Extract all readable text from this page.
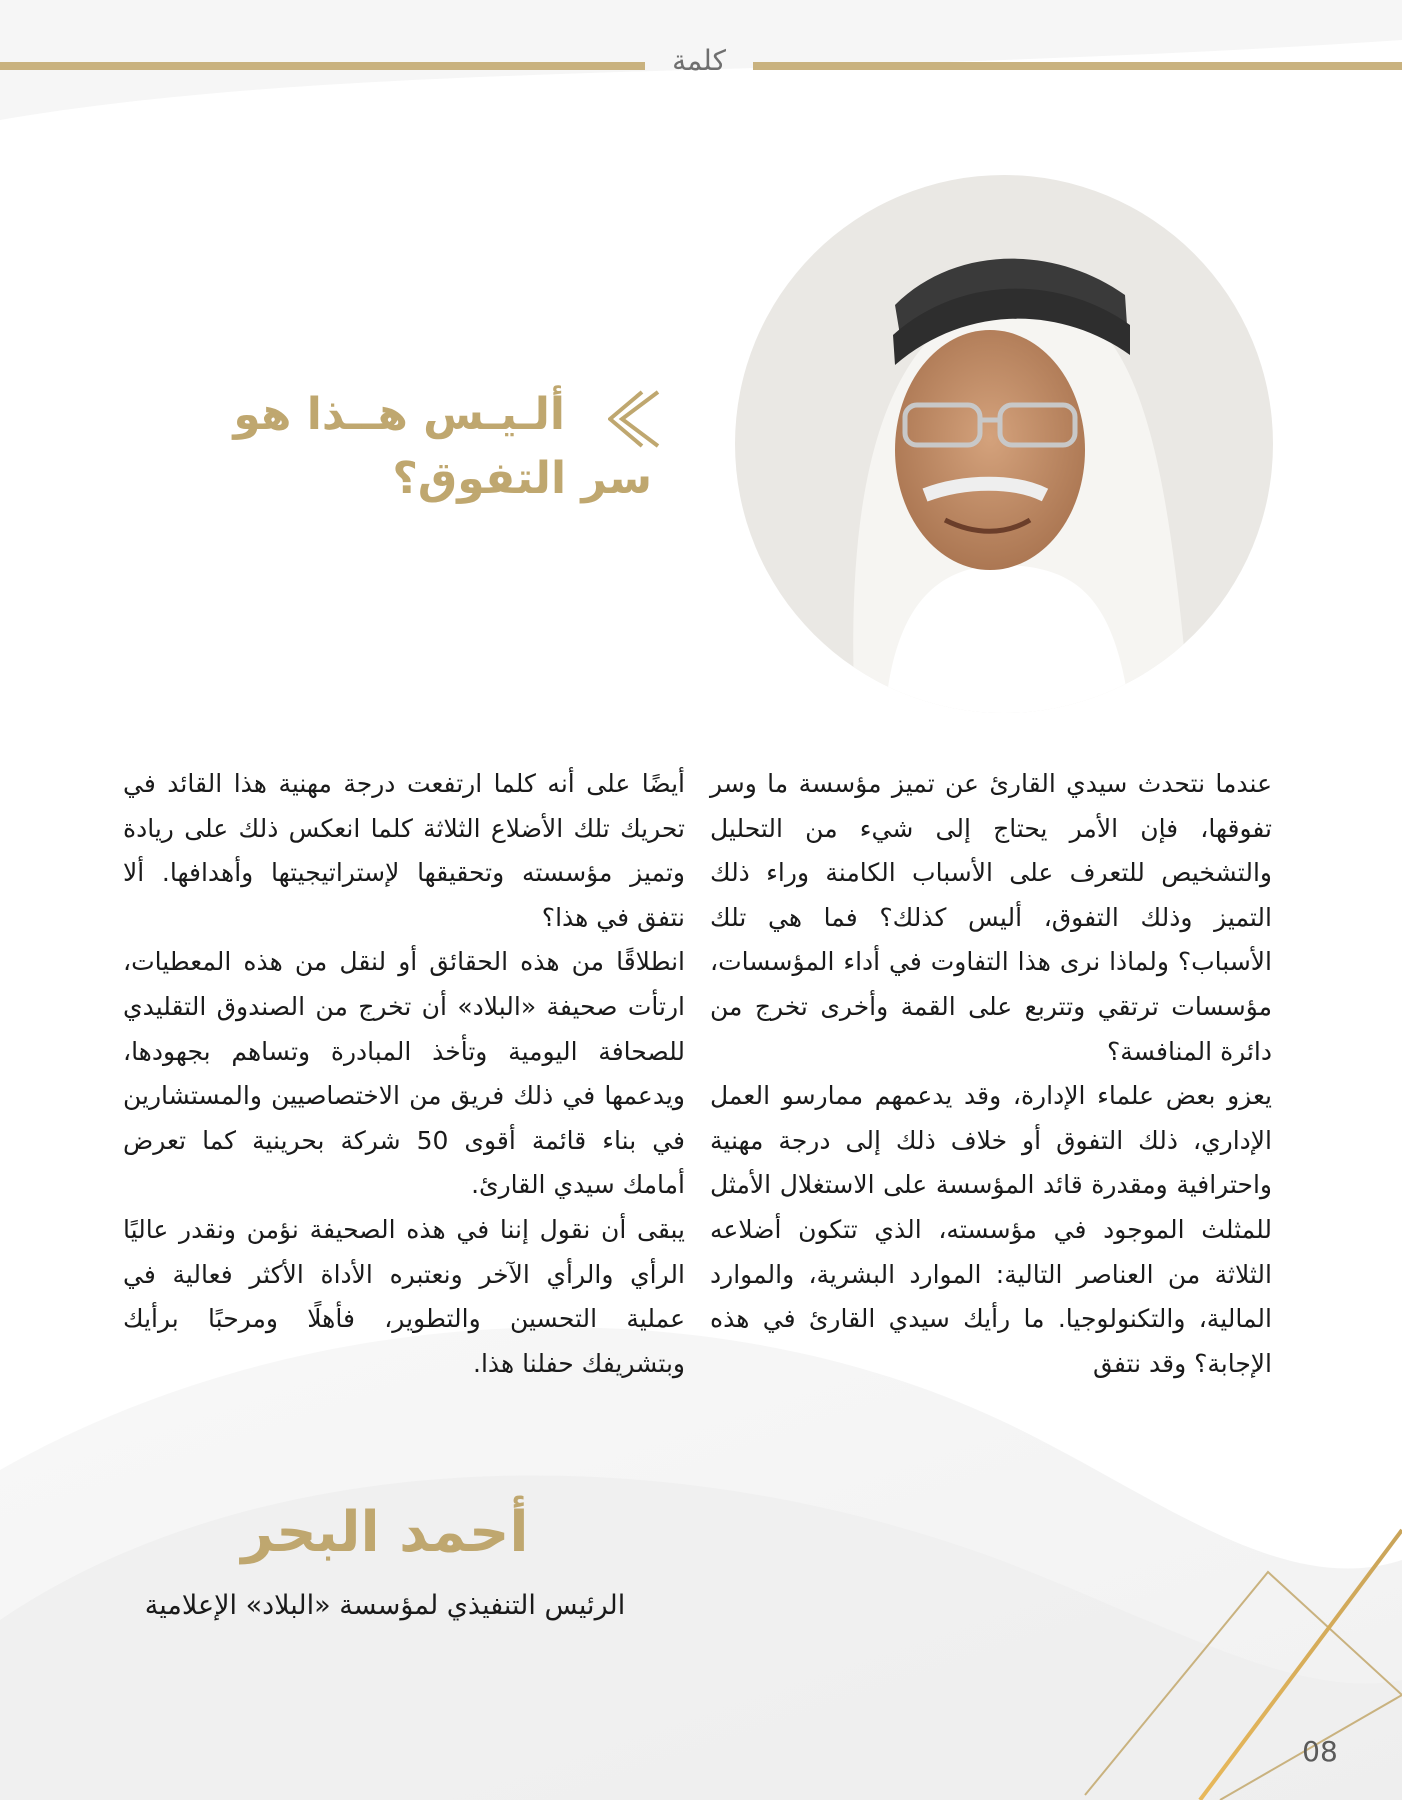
كلمة
ألـيـس هــذا هو
سر التفوق؟

عندما نتحدث سيدي القارئ عن تميز مؤسسة ما وسر تفوقها، فإن الأمر يحتاج إلى شيء من التحليل والتشخيص للتعرف على الأسباب الكامنة وراء ذلك التميز وذلك التفوق، أليس كذلك؟ فما هي تلك الأسباب؟ ولماذا نرى هذا التفاوت في أداء المؤسسات، مؤسسات ترتقي وتتربع على القمة وأخرى تخرج من دائرة المنافسة؟

يعزو بعض علماء الإدارة، وقد يدعمهم ممارسو العمل الإداري، ذلك التفوق أو خلاف ذلك إلى درجة مهنية واحترافية ومقدرة قائد المؤسسة على الاستغلال الأمثل للمثلث الموجود في مؤسسته، الذي تتكون أضلاعه الثلاثة من العناصر التالية: الموارد البشرية، والموارد المالية، والتكنولوجيا. ما رأيك سيدي القارئ في هذه الإجابة؟ وقد نتفق

أيضًا على أنه كلما ارتفعت درجة مهنية هذا القائد في تحريك تلك الأضلاع الثلاثة كلما انعكس ذلك على ريادة وتميز مؤسسته وتحقيقها لإستراتيجيتها وأهدافها. ألا نتفق في هذا؟

انطلاقًا من هذه الحقائق أو لنقل من هذه المعطيات، ارتأت صحيفة «البلاد» أن تخرج من الصندوق التقليدي للصحافة اليومية وتأخذ المبادرة وتساهم بجهودها، ويدعمها في ذلك فريق من الاختصاصيين والمستشارين في بناء قائمة أقوى 50 شركة بحرينية كما تعرض أمامك سيدي القارئ.

يبقى أن نقول إننا في هذه الصحيفة نؤمن ونقدر عاليًا الرأي والرأي الآخر ونعتبره الأداة الأكثر فعالية في عملية التحسين والتطوير، فأهلًا ومرحبًا برأيك وبتشريفك حفلنا هذا.

أحمد البحر
الرئيس التنفيذي لمؤسسة «البلاد» الإعلامية
08
